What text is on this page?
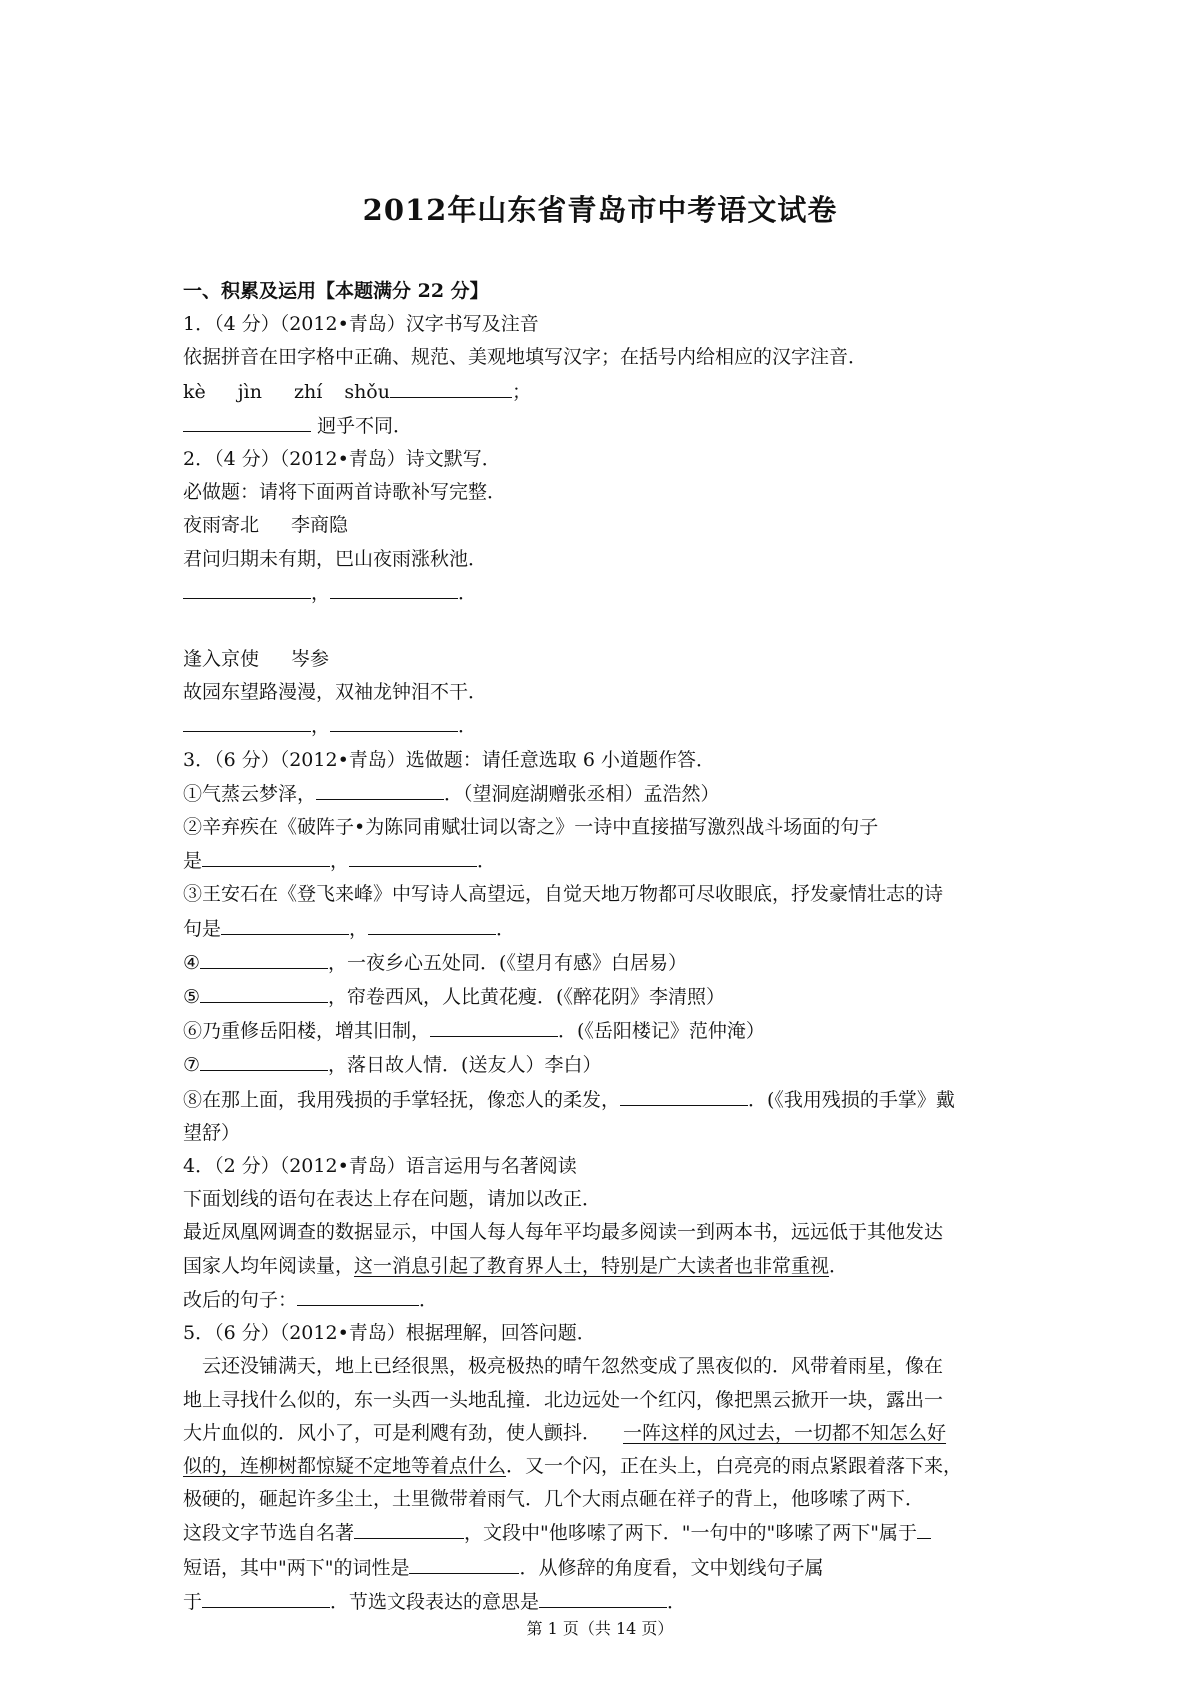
2012年山东省青岛市中考语文试卷
一、积累及运用【本题满分 22 分】
1．（4 分）（2012•青岛）汉字书写及注音
依据拼音在田字格中正确、规范、美观地填写汉字；在括号内给相应的汉字注音．
kè jìn zhí shǒu	；
迥乎不同．
2．（4 分）（2012•青岛）诗文默写．
必做题：请将下面两首诗歌补写完整．
夜雨寄北 李商隐
君问归期未有期，巴山夜雨涨秋池．
，	．
逢入京使 岑参
故园东望路漫漫，双袖龙钟泪不干．
，	．
3．（6 分）（2012•青岛）选做题：请任意选取 6 小道题作答．
①气蒸云梦泽，	．（望洞庭湖赠张丞相）孟浩然）
②辛弃疾在《破阵子•为陈同甫赋壮词以寄之》一诗中直接描写激烈战斗场面的句子
是	，	．
③王安石在《登飞来峰》中写诗人高望远，自觉天地万物都可尽收眼底，抒发豪情壮志的诗
句是	，	．
④	，一夜乡心五处同．(《望月有感》白居易）
⑤	，帘卷西风，人比黄花瘦．(《醉花阴》李清照）
⑥乃重修岳阳楼，增其旧制，	．(《岳阳楼记》范仲淹）
⑦	，落日故人情．(送友人）李白）
⑧在那上面，我用残损的手掌轻抚，像恋人的柔发，	．(《我用残损的手掌》戴
望舒）
4．（2 分）（2012•青岛）语言运用与名著阅读
下面划线的语句在表达上存在问题，请加以改正．
最近凤凰网调查的数据显示，中国人每人每年平均最多阅读一到两本书，远远低于其他发达
国家人均年阅读量，这一消息引起了教育界人士，特别是广大读者也非常重视．
改后的句子：	．
5．（6 分）（2012•青岛）根据理解，回答问题．
云还没铺满天，地上已经很黑，极亮极热的晴午忽然变成了黑夜似的．风带着雨星，像在
地上寻找什么似的，东一头西一头地乱撞．北边远处一个红闪，像把黑云掀开一块，露出一
大片血似的．风小了，可是利飕有劲，使人颤抖． 一阵这样的风过去，一切都不知怎么好
似的，连柳树都惊疑不定地等着点什么．又一个闪，正在头上，白亮亮的雨点紧跟着落下来，
极硬的，砸起许多尘土，土里微带着雨气．几个大雨点砸在祥子的背上，他哆嗦了两下．
这段文字节选自名著	，文段中"他哆嗦了两下．"一句中的"哆嗦了两下"属于
短语，其中"两下"的词性是	．从修辞的角度看，文中划线句子属
于	．节选文段表达的意思是	．
第 1 页（共 14 页）
